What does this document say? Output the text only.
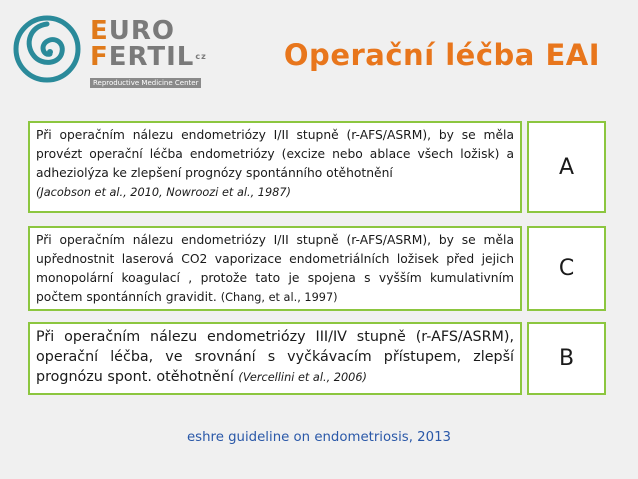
EURO
$FERTIL^{cz}$
Reproductive Medicine Center
Operační léčba EAI
Při operačním nálezu endometriózy I/II stupně (r-AFS/ASRM), by se měla provézt operační léčba endometriózy (excize nebo ablace všech ložisk) a adheziolýza ke zlepšení prognózy spontánního otěhotnění
(Jacobson et al., 2010, Nowroozi et al., 1987)
A
Při operačním nálezu endometriózy I/II stupně (r-AFS/ASRM), by se měla upřednostnit laserová CO2 vaporizace endometriálních ložisek před jejich monopolární koagulací , protože tato je spojena s vyšším kumulativním počtem spontánních gravidit. (Chang, et al., 1997)
C
Při operačním nálezu endometriózy III/IV stupně (r-AFS/ASRM), operační léčba, ve srovnání s vyčkávacím přístupem, zlepší prognózu spont. otěhotnění (Vercellini et al., 2006)
B
eshre guideline on endometriosis, 2013
